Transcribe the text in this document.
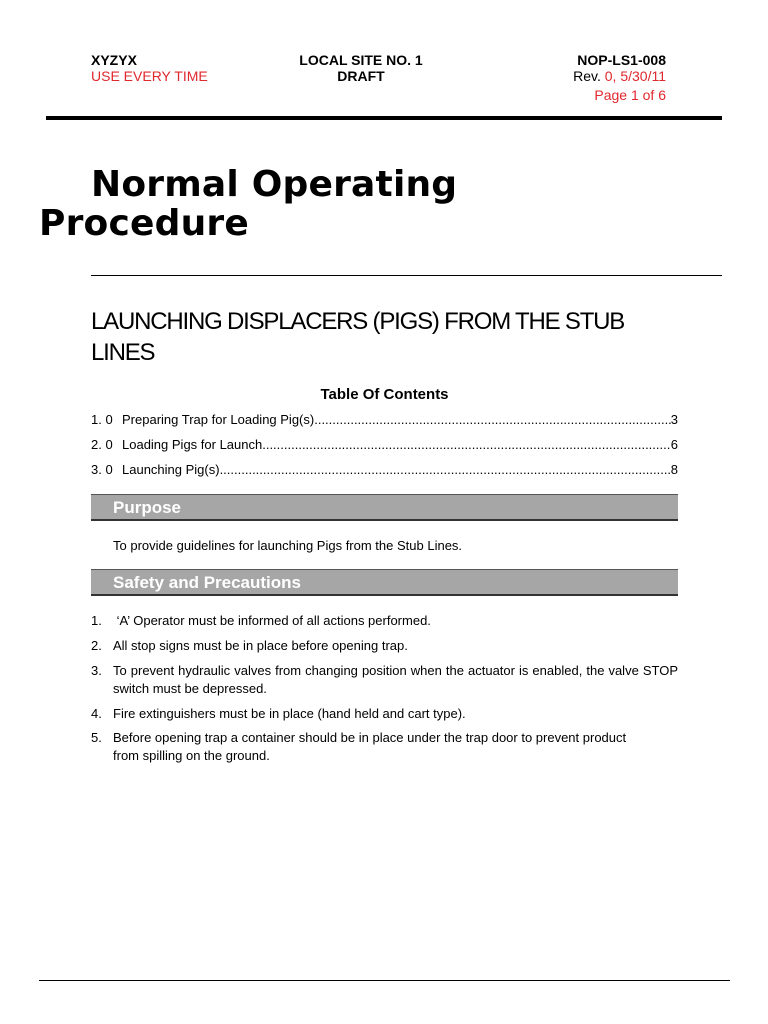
XYZYX
USE EVERY TIME
LOCAL SITE NO. 1
DRAFT
NOP-LS1-008
Rev. 0, 5/30/11
Page 1 of 6
Normal Operating
Procedure
LAUNCHING DISPLACERS (PIGS) FROM THE STUB LINES
Table Of Contents
1. 0 Preparing Trap for Loading Pig(s) .....	3
2. 0 Loading Pigs for Launch .....	6
3. 0 Launching Pig(s) .....	8
Purpose
To provide guidelines for launching Pigs from the Stub Lines.
Safety and Precautions
1. ‘A’ Operator must be informed of all actions performed.
2. All stop signs must be in place before opening trap.
3. To prevent hydraulic valves from changing position when the actuator is enabled, the valve STOP switch must be depressed.
4. Fire extinguishers must be in place (hand held and cart type).
5. Before opening trap a container should be in place under the trap door to prevent product from spilling on the ground.
